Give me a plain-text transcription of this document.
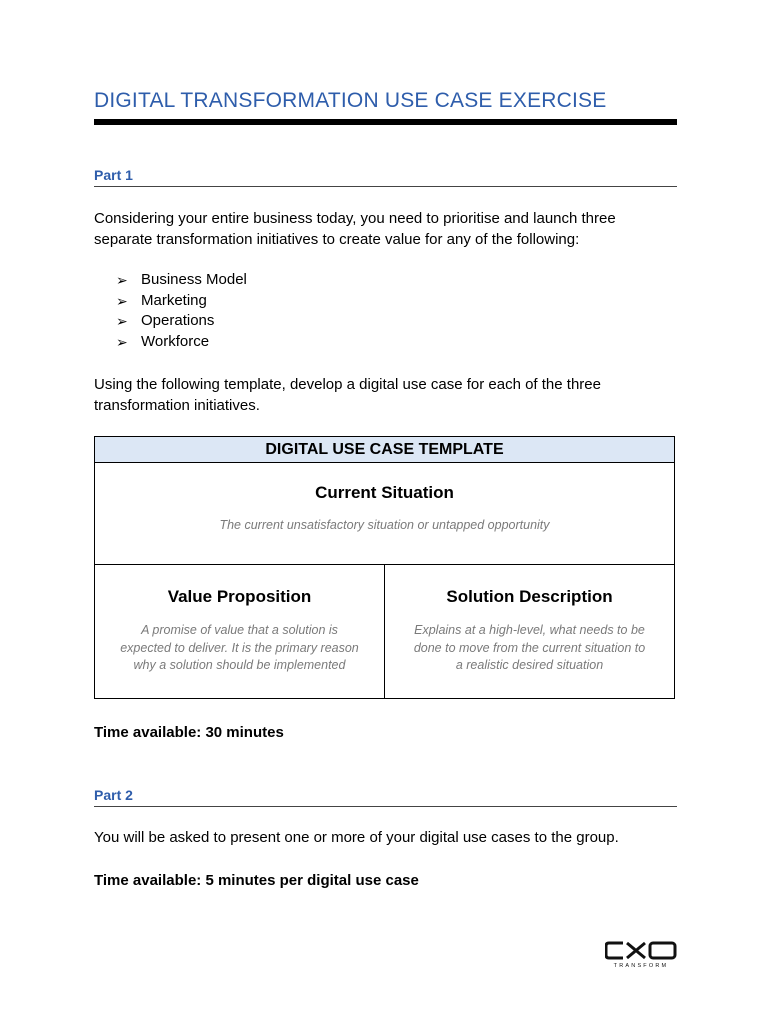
DIGITAL TRANSFORMATION USE CASE EXERCISE
Part 1
Considering your entire business today, you need to prioritise and launch three
separate transformation initiatives to create value for any of the following:
➢ Business Model
➢ Marketing
➢ Operations
➢ Workforce
Using the following template, develop a digital use case for each of the three
transformation initiatives.
DIGITAL USE CASE TEMPLATE
Current Situation
The current unsatisfactory situation or untapped opportunity
Value Proposition
A promise of value that a solution is
expected to deliver. It is the primary reason
why a solution should be implemented
Solution Description
Explains at a high-level, what needs to be
done to move from the current situation to
a realistic desired situation
Time available: 30 minutes
Part 2
You will be asked to present one or more of your digital use cases to the group.
Time available: 5 minutes per digital use case
TRANSFORM
